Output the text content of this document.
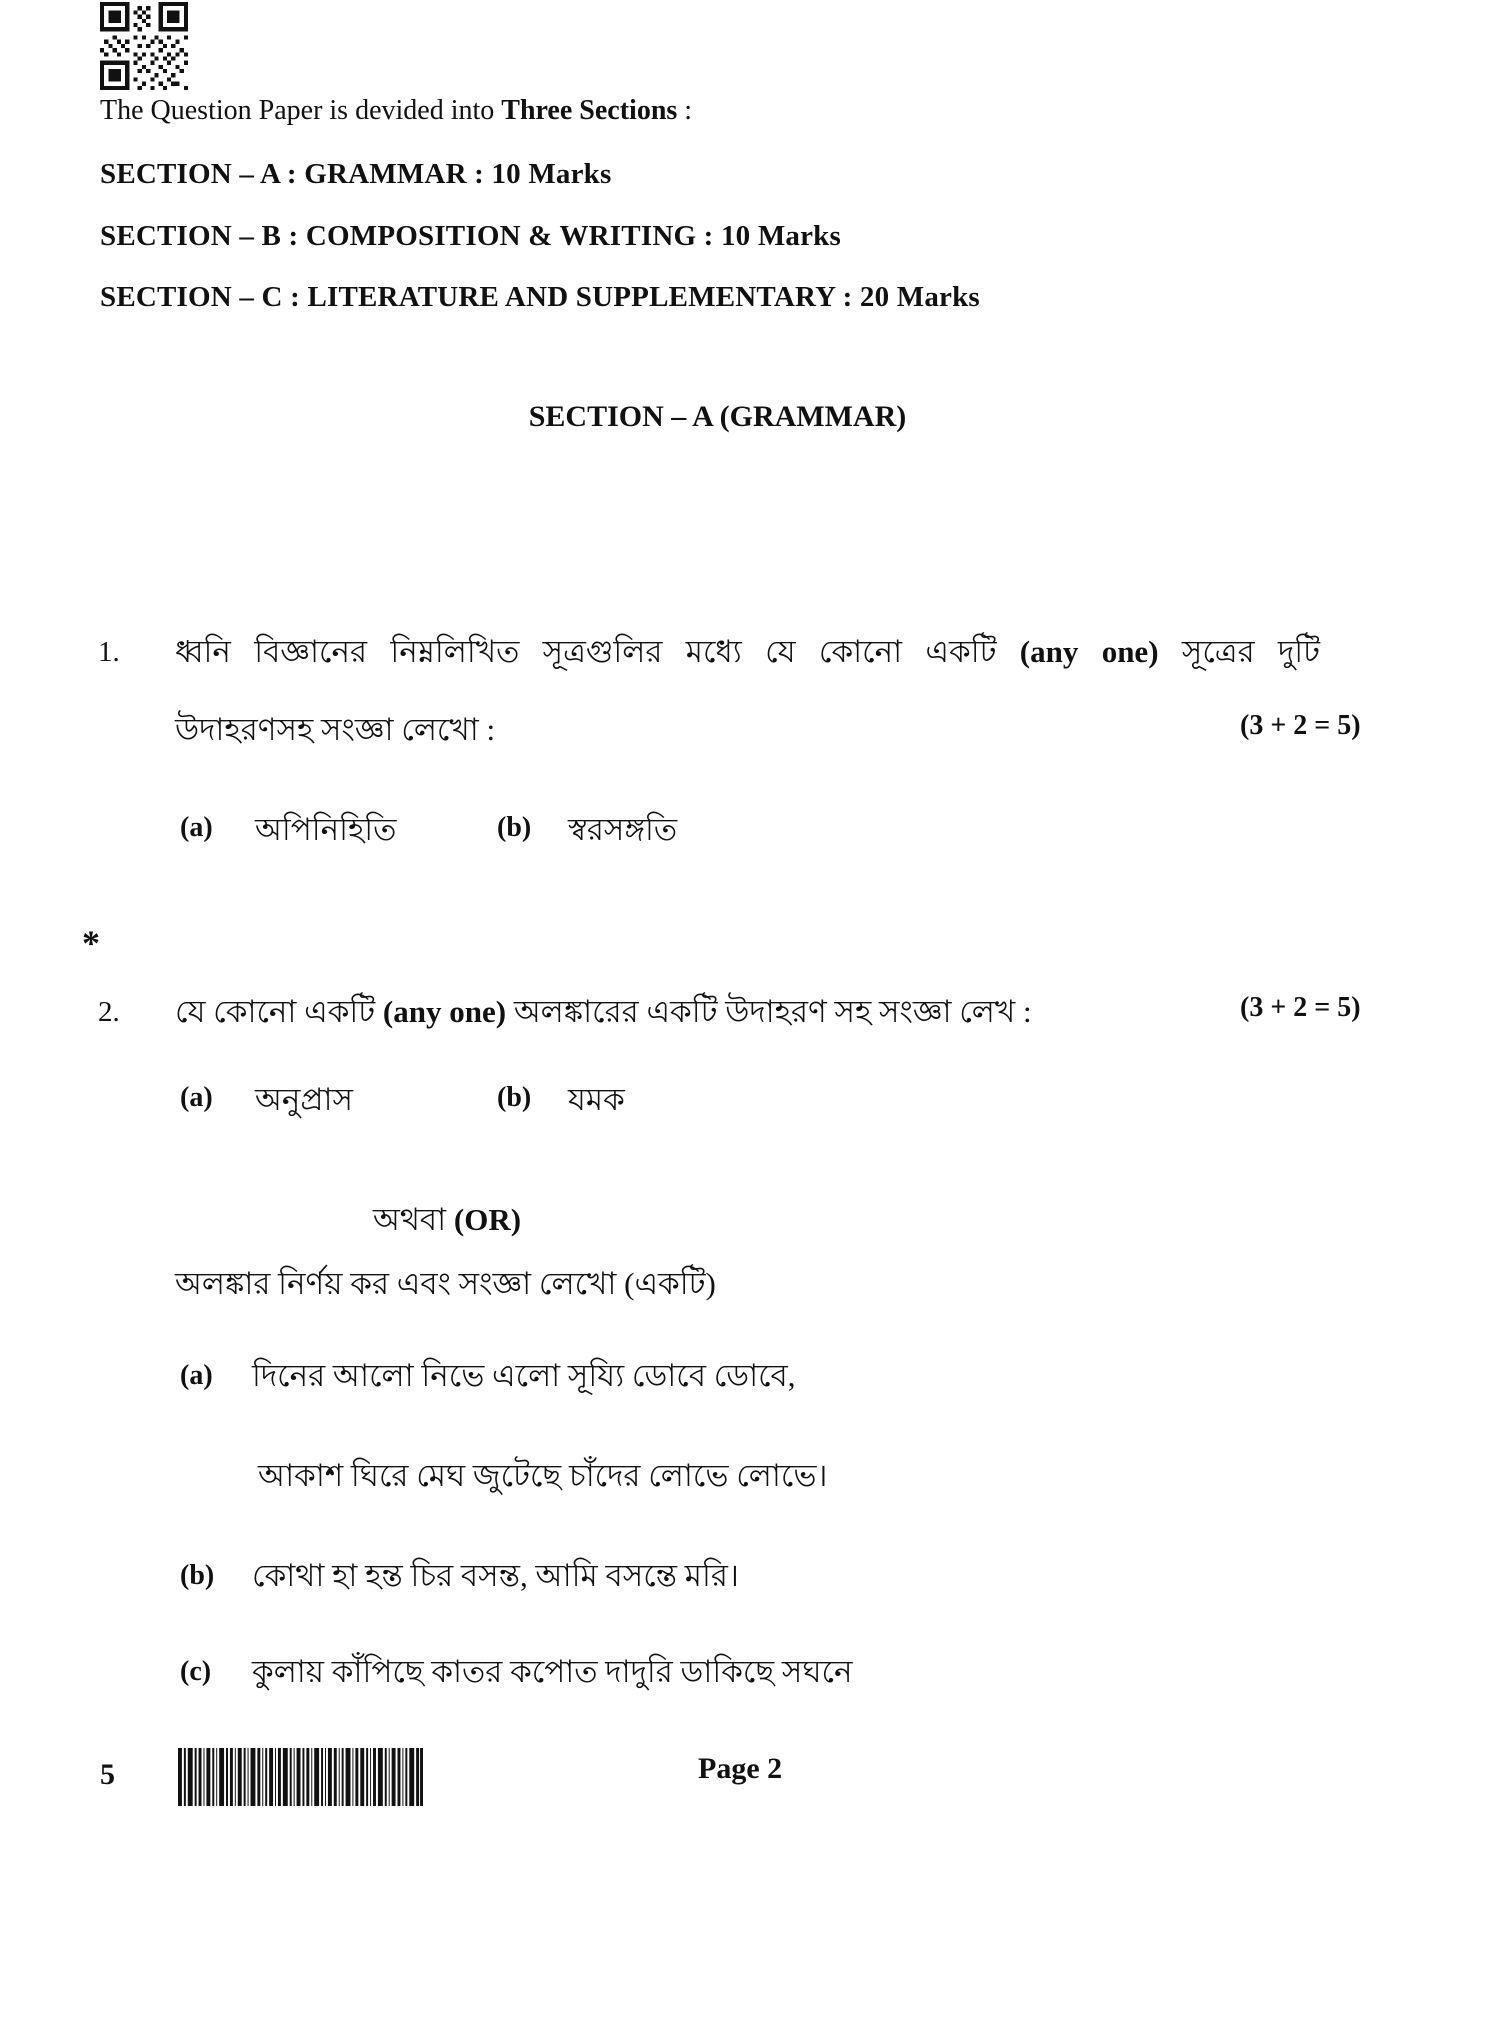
The Question Paper is devided into Three Sections :
SECTION – A : GRAMMAR : 10 Marks
SECTION – B : COMPOSITION & WRITING : 10 Marks
SECTION – C : LITERATURE AND SUPPLEMENTARY : 20 Marks
SECTION – A (GRAMMAR)
1. ধ্বনি বিজ্ঞানের নিম্নলিখিত সূত্রগুলির মধ্যে যে কোনো একটি (any one) সূত্রের দুটি
উদাহরণসহ সংজ্ঞা লেখো :	(3 + 2 = 5)
(a) অপিনিহিতি	(b) স্বরসঙ্গতি
*
2. যে কোনো একটি (any one) অলঙ্কারের একটি উদাহরণ সহ সংজ্ঞা লেখ :	(3 + 2 = 5)
(a) অনুপ্রাস	(b) যমক
অথবা (OR)
অলঙ্কার নির্ণয় কর এবং সংজ্ঞা লেখো (একটি)
(a) দিনের আলো নিভে এলো সূয্যি ডোবে ডোবে,
আকাশ ঘিরে মেঘ জুটেছে চাঁদের লোভে লোভে।
(b) কোথা হা হন্ত চির বসন্ত, আমি বসন্তে মরি।
(c) কুলায় কাঁপিছে কাতর কপোত দাদুরি ডাকিছে সঘনে
5	Page 2
